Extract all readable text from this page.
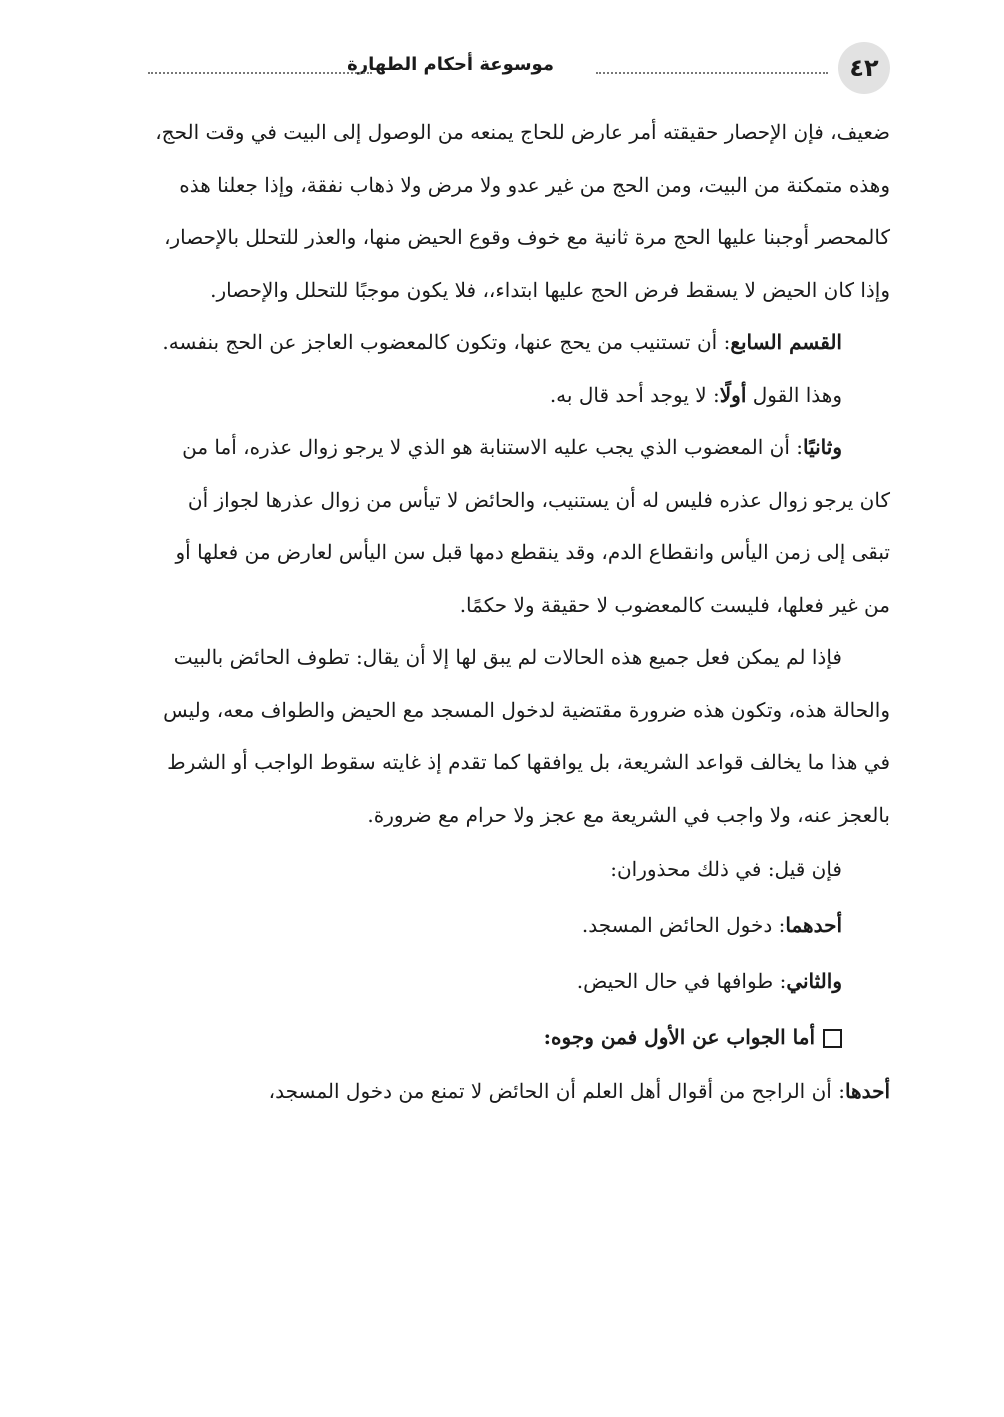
٤٢
موسوعة أحكام الطهارة

ضعيف، فإن الإحصار حقيقته أمر عارض للحاج يمنعه من الوصول إلى البيت في وقت الحج، وهذه متمكنة من البيت، ومن الحج من غير عدو ولا مرض ولا ذهاب نفقة، وإذا جعلنا هذه كالمحصر أوجبنا عليها الحج مرة ثانية مع خوف وقوع الحيض منها، والعذر للتحلل بالإحصار، وإذا كان الحيض لا يسقط فرض الحج عليها ابتداء،، فلا يكون موجبًا للتحلل والإحصار.

القسم السابع: أن تستنيب من يحج عنها، وتكون كالمعضوب العاجز عن الحج بنفسه.

وهذا القول أولًا: لا يوجد أحد قال به.

وثانيًا: أن المعضوب الذي يجب عليه الاستنابة هو الذي لا يرجو زوال عذره، أما من كان يرجو زوال عذره فليس له أن يستنيب، والحائض لا تيأس من زوال عذرها لجواز أن تبقى إلى زمن اليأس وانقطاع الدم، وقد ينقطع دمها قبل سن اليأس لعارض من فعلها أو من غير فعلها، فليست كالمعضوب لا حقيقة ولا حكمًا.

فإذا لم يمكن فعل جميع هذه الحالات لم يبق لها إلا أن يقال: تطوف الحائض بالبيت والحالة هذه، وتكون هذه ضرورة مقتضية لدخول المسجد مع الحيض والطواف معه، وليس في هذا ما يخالف قواعد الشريعة، بل يوافقها كما تقدم إذ غايته سقوط الواجب أو الشرط بالعجز عنه، ولا واجب في الشريعة مع عجز ولا حرام مع ضرورة.

فإن قيل: في ذلك محذوران:

أحدهما: دخول الحائض المسجد.

والثاني: طوافها في حال الحيض.

أما الجواب عن الأول فمن وجوه:

أحدها: أن الراجح من أقوال أهل العلم أن الحائض لا تمنع من دخول المسجد،
